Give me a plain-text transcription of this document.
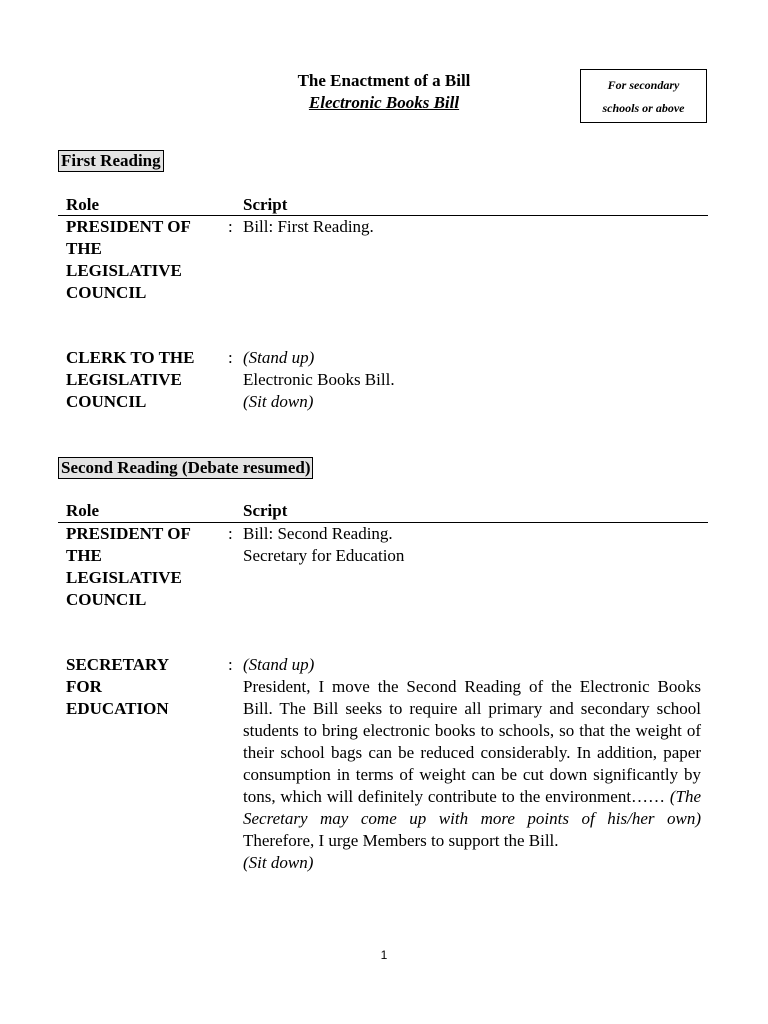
The Enactment of a Bill
Electronic Books Bill
For secondary
schools or above
First Reading
Role	Script
PRESIDENT OF
THE
LEGISLATIVE
COUNCIL
: Bill: First Reading.

CLERK TO THE
LEGISLATIVE
COUNCIL
: (Stand up)

Electronic Books Bill.

(Sit down)

Second Reading (Debate resumed)
Role	Script
PRESIDENT OF
THE
LEGISLATIVE
COUNCIL
: Bill: Second Reading.

Secretary for Education

SECRETARY
FOR
EDUCATION
: (Stand up)

President, I move the Second Reading of the Electronic Books Bill. The Bill seeks to require all primary and secondary school students to bring electronic books to schools, so that the weight of their school bags can be reduced considerably. In addition, paper consumption in terms of weight can be cut down significantly by tons, which will definitely contribute to the environment…… (The Secretary may come up with more points of his/her own) Therefore, I urge Members to support the Bill.

(Sit down)

1
